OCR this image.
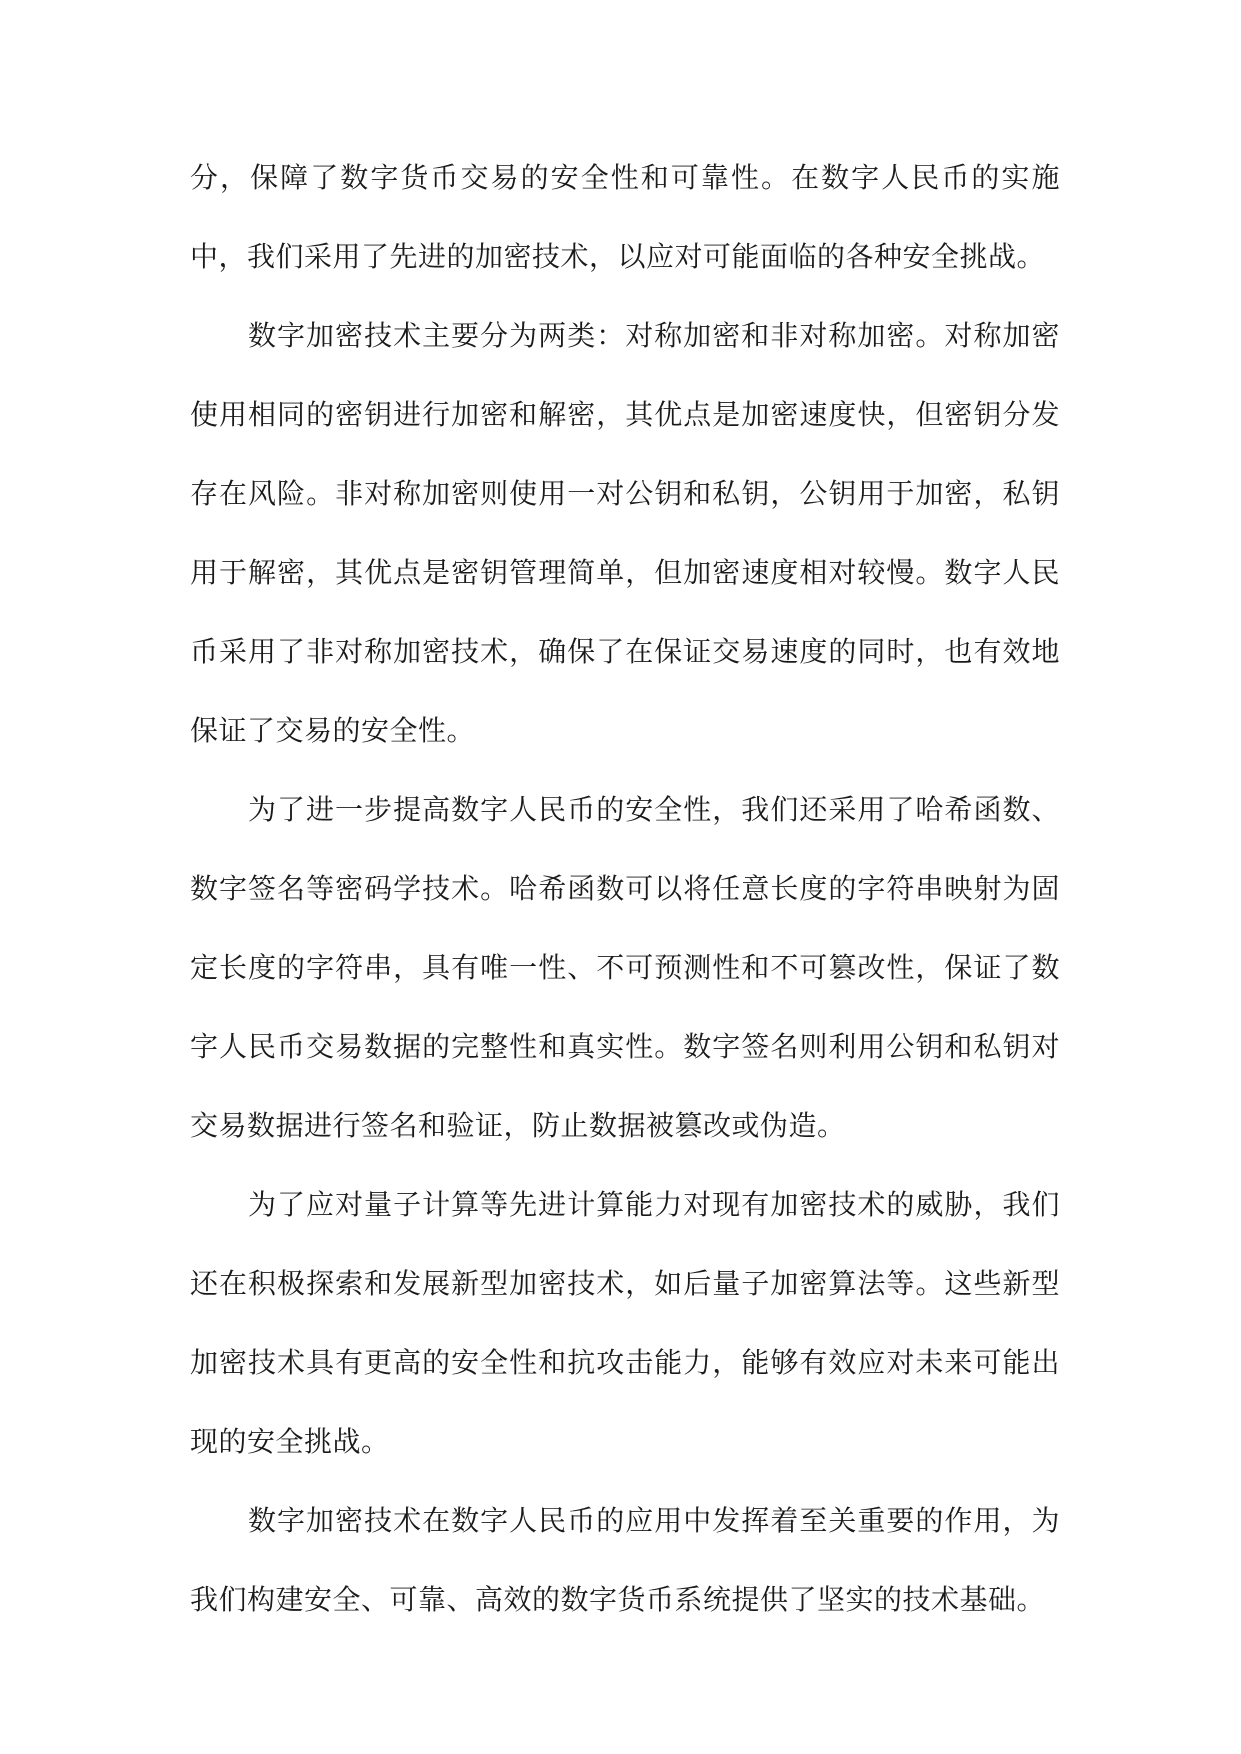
分，保障了数字货币交易的安全性和可靠性。在数字人民币的实施中，我们采用了先进的加密技术，以应对可能面临的各种安全挑战。

数字加密技术主要分为两类：对称加密和非对称加密。对称加密使用相同的密钥进行加密和解密，其优点是加密速度快，但密钥分发存在风险。非对称加密则使用一对公钥和私钥，公钥用于加密，私钥用于解密，其优点是密钥管理简单，但加密速度相对较慢。数字人民币采用了非对称加密技术，确保了在保证交易速度的同时，也有效地保证了交易的安全性。

为了进一步提高数字人民币的安全性，我们还采用了哈希函数、数字签名等密码学技术。哈希函数可以将任意长度的字符串映射为固定长度的字符串，具有唯一性、不可预测性和不可篡改性，保证了数字人民币交易数据的完整性和真实性。数字签名则利用公钥和私钥对交易数据进行签名和验证，防止数据被篡改或伪造。

为了应对量子计算等先进计算能力对现有加密技术的威胁，我们还在积极探索和发展新型加密技术，如后量子加密算法等。这些新型加密技术具有更高的安全性和抗攻击能力，能够有效应对未来可能出现的安全挑战。

数字加密技术在数字人民币的应用中发挥着至关重要的作用，为我们构建安全、可靠、高效的数字货币系统提供了坚实的技术基础。
